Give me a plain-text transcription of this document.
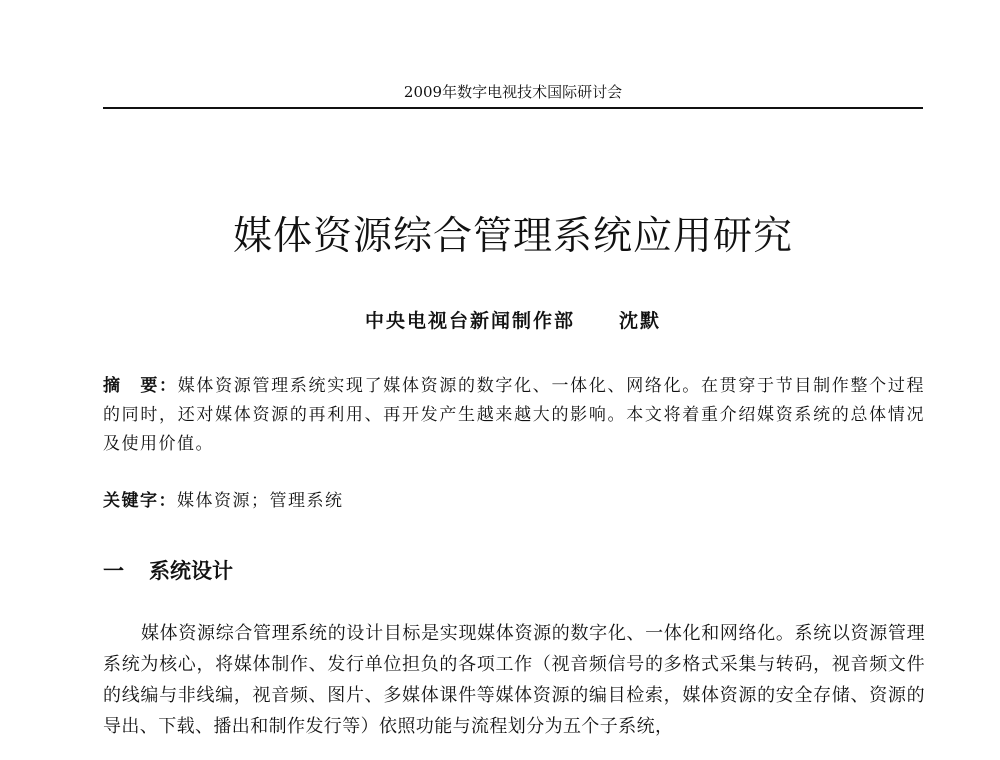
2009年数字电视技术国际研讨会
媒体资源综合管理系统应用研究
中央电视台新闻制作部 沈默

摘　要：媒体资源管理系统实现了媒体资源的数字化、一体化、网络化。在贯穿于节目制作整个过程的同时，还对媒体资源的再利用、再开发产生越来越大的影响。本文将着重介绍媒资系统的总体情况及使用价值。

关键字：媒体资源；管理系统

一 系统设计

媒体资源综合管理系统的设计目标是实现媒体资源的数字化、一体化和网络化。系统以资源管理系统为核心，将媒体制作、发行单位担负的各项工作（视音频信号的多格式采集与转码，视音频文件的线编与非线编，视音频、图片、多媒体课件等媒体资源的编目检索，媒体资源的安全存储、资源的导出、下载、播出和制作发行等）依照功能与流程划分为五个子系统，
